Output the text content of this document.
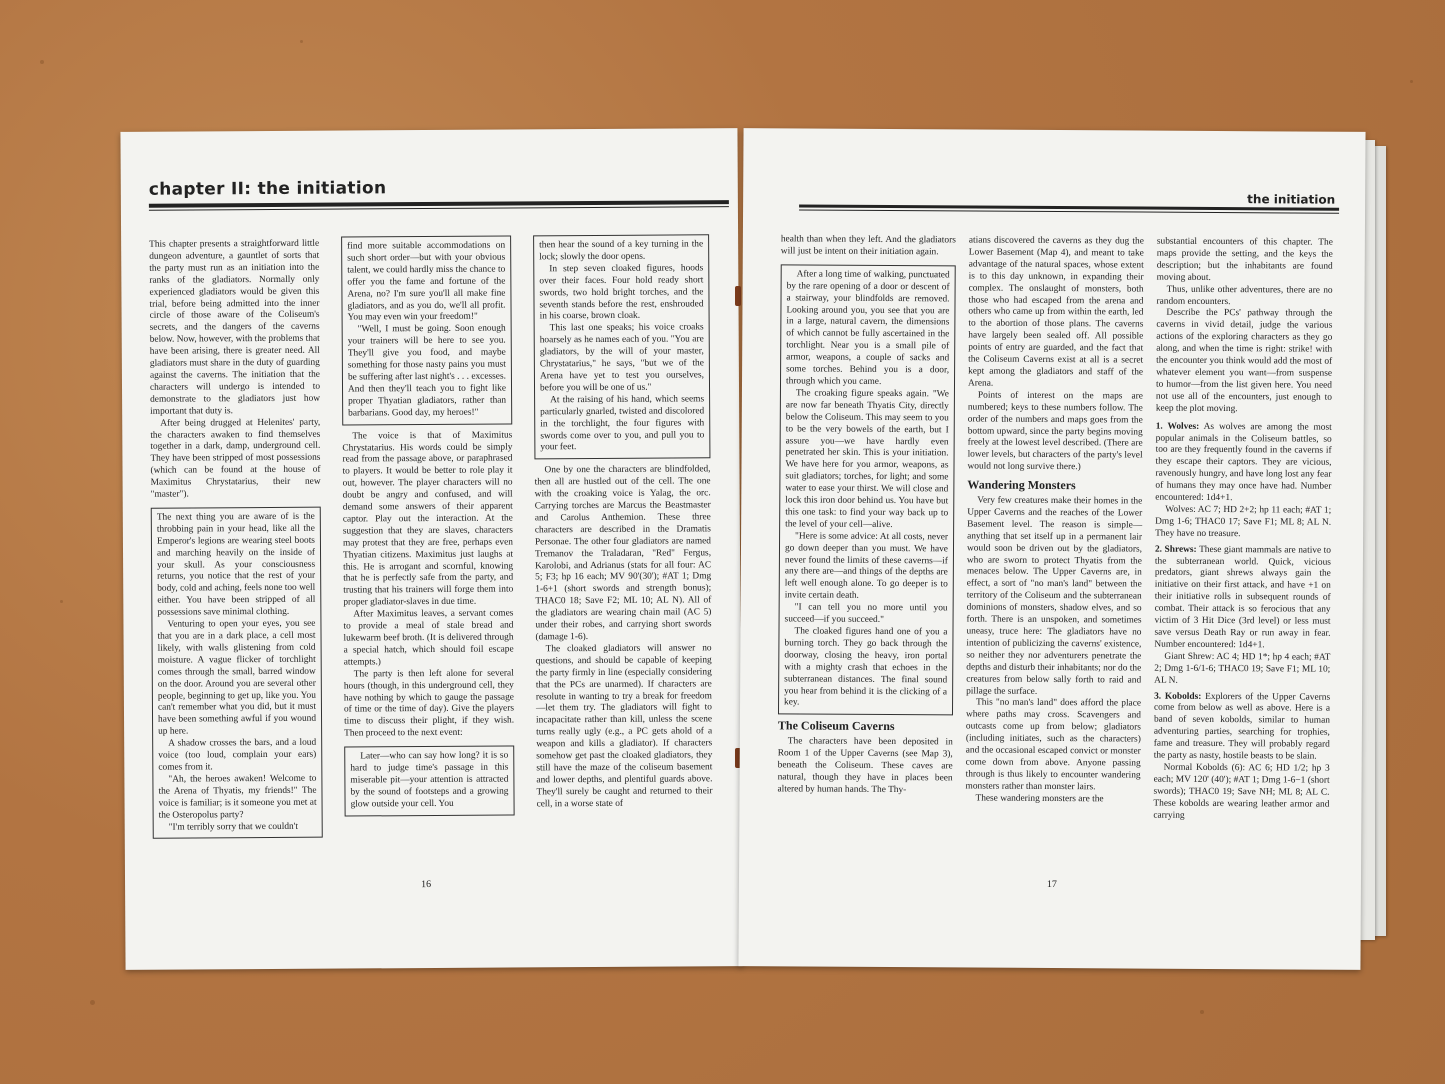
chapter II: the initiation

This chapter presents a straightforward little dungeon adventure, a gauntlet of sorts that the party must run as an initiation into the ranks of the gladiators. Normally only experienced gladiators would be given this trial, before being admitted into the inner circle of those aware of the Coliseum's secrets, and the dangers of the caverns below. Now, however, with the problems that have been arising, there is greater need. All gladiators must share in the duty of guarding against the caverns. The initiation that the characters will undergo is intended to demonstrate to the gladiators just how important that duty is.

After being drugged at Helenites' party, the characters awaken to find themselves together in a dark, damp, underground cell. They have been stripped of most possessions (which can be found at the house of Maximitus Chrystatarius, their new "master").

The next thing you are aware of is the throbbing pain in your head, like all the Emperor's legions are wearing steel boots and marching heavily on the inside of your skull. As your consciousness returns, you notice that the rest of your body, cold and aching, feels none too well either. You have been stripped of all possessions save minimal clothing.

Venturing to open your eyes, you see that you are in a dark place, a cell most likely, with walls glistening from cold moisture. A vague flicker of torchlight comes through the small, barred window on the door. Around you are several other people, beginning to get up, like you. You can't remember what you did, but it must have been something awful if you wound up here.

A shadow crosses the bars, and a loud voice (too loud, complain your ears) comes from it.

"Ah, the heroes awaken! Welcome to the Arena of Thyatis, my friends!" The voice is familiar; is it someone you met at the Osteropolus party?

"I'm terribly sorry that we couldn't

find more suitable accommodations on such short order—but with your obvious talent, we could hardly miss the chance to offer you the fame and fortune of the Arena, no? I'm sure you'll all make fine gladiators, and as you do, we'll all profit. You may even win your freedom!"

"Well, I must be going. Soon enough your trainers will be here to see you. They'll give you food, and maybe something for those nasty pains you must be suffering after last night's . . . excesses. And then they'll teach you to fight like proper Thyatian gladiators, rather than barbarians. Good day, my heroes!"

The voice is that of Maximitus Chrystatarius. His words could be simply read from the passage above, or paraphrased to players. It would be better to role play it out, however. The player characters will no doubt be angry and confused, and will demand some answers of their apparent captor. Play out the interaction. At the suggestion that they are slaves, characters may protest that they are free, perhaps even Thyatian citizens. Maximitus just laughs at this. He is arrogant and scornful, knowing that he is perfectly safe from the party, and trusting that his trainers will forge them into proper gladiator-slaves in due time.

After Maximitus leaves, a servant comes to provide a meal of stale bread and lukewarm beef broth. (It is delivered through a special hatch, which should foil escape attempts.)

The party is then left alone for several hours (though, in this underground cell, they have nothing by which to gauge the passage of time or the time of day). Give the players time to discuss their plight, if they wish. Then proceed to the next event:

Later—who can say how long? it is so hard to judge time's passage in this miserable pit—your attention is attracted by the sound of footsteps and a growing glow outside your cell. You

then hear the sound of a key turning in the lock; slowly the door opens.

In step seven cloaked figures, hoods over their faces. Four hold ready short swords, two hold bright torches, and the seventh stands before the rest, enshrouded in his coarse, brown cloak.

This last one speaks; his voice croaks hoarsely as he names each of you. "You are gladiators, by the will of your master, Chrystatarius," he says, "but we of the Arena have yet to test you ourselves, before you will be one of us."

At the raising of his hand, which seems particularly gnarled, twisted and discolored in the torchlight, the four figures with swords come over to you, and pull you to your feet.

One by one the characters are blindfolded, then all are hustled out of the cell. The one with the croaking voice is Yalag, the orc. Carrying torches are Marcus the Beastmaster and Carolus Anthemion. These three characters are described in the Dramatis Personae. The other four gladiators are named Tremanov the Traladaran, "Red" Fergus, Karolobi, and Adrianus (stats for all four: AC 5; F3; hp 16 each; MV 90'(30'); #AT 1; Dmg 1-6+1 (short swords and strength bonus); THAC0 18; Save F2; ML 10; AL N). All of the gladiators are wearing chain mail (AC 5) under their robes, and carrying short swords (damage 1-6).

The cloaked gladiators will answer no questions, and should be capable of keeping the party firmly in line (especially considering that the PCs are unarmed). If characters are resolute in wanting to try a break for freedom—let them try. The gladiators will fight to incapacitate rather than kill, unless the scene turns really ugly (e.g., a PC gets ahold of a weapon and kills a gladiator). If characters somehow get past the cloaked gladiators, they still have the maze of the coliseum basement and lower depths, and plentiful guards above. They'll surely be caught and returned to their cell, in a worse state of

16
the initiation

health than when they left. And the gladiators will just be intent on their initiation again.

After a long time of walking, punctuated by the rare opening of a door or descent of a stairway, your blindfolds are removed. Looking around you, you see that you are in a large, natural cavern, the dimensions of which cannot be fully ascertained in the torchlight. Near you is a small pile of armor, weapons, a couple of sacks and some torches. Behind you is a door, through which you came.

The croaking figure speaks again. "We are now far beneath Thyatis City, directly below the Coliseum. This may seem to you to be the very bowels of the earth, but I assure you—we have hardly even penetrated her skin. This is your initiation. We have here for you armor, weapons, as suit gladiators; torches, for light; and some water to ease your thirst. We will close and lock this iron door behind us. You have but this one task: to find your way back up to the level of your cell—alive.

"Here is some advice: At all costs, never go down deeper than you must. We have never found the limits of these caverns—if any there are—and things of the depths are left well enough alone. To go deeper is to invite certain death.

"I can tell you no more until you succeed—if you succeed."

The cloaked figures hand one of you a burning torch. They go back through the doorway, closing the heavy, iron portal with a mighty crash that echoes in the subterranean distances. The final sound you hear from behind it is the clicking of a key.

The Coliseum Caverns

The characters have been deposited in Room 1 of the Upper Caverns (see Map 3), beneath the Coliseum. These caves are natural, though they have in places been altered by human hands. The Thy-

atians discovered the caverns as they dug the Lower Basement (Map 4), and meant to take advantage of the natural spaces, whose extent is to this day unknown, in expanding their complex. The onslaught of monsters, both those who had escaped from the arena and others who came up from within the earth, led to the abortion of those plans. The caverns have largely been sealed off. All possible points of entry are guarded, and the fact that the Coliseum Caverns exist at all is a secret kept among the gladiators and staff of the Arena.

Points of interest on the maps are numbered; keys to these numbers follow. The order of the numbers and maps goes from the bottom upward, since the party begins moving freely at the lowest level described. (There are lower levels, but characters of the party's level would not long survive there.)

Wandering Monsters

Very few creatures make their homes in the Upper Caverns and the reaches of the Lower Basement level. The reason is simple—anything that set itself up in a permanent lair would soon be driven out by the gladiators, who are sworn to protect Thyatis from the menaces below. The Upper Caverns are, in effect, a sort of "no man's land" between the territory of the Coliseum and the subterranean dominions of monsters, shadow elves, and so forth. There is an unspoken, and sometimes uneasy, truce here: The gladiators have no intention of publicizing the caverns' existence, so neither they nor adventurers penetrate the depths and disturb their inhabitants; nor do the creatures from below sally forth to raid and pillage the surface.

This "no man's land" does afford the place where paths may cross. Scavengers and outcasts come up from below; gladiators (including initiates, such as the characters) and the occasional escaped convict or monster come down from above. Anyone passing through is thus likely to encounter wandering monsters rather than monster lairs.

These wandering monsters are the

substantial encounters of this chapter. The maps provide the setting, and the keys the description; but the inhabitants are found moving about.

Thus, unlike other adventures, there are no random encounters.

Describe the PCs' pathway through the caverns in vivid detail, judge the various actions of the exploring characters as they go along, and when the time is right: strike! with the encounter you think would add the most of whatever element you want—from suspense to humor—from the list given here. You need not use all of the encounters, just enough to keep the plot moving.

1. Wolves: As wolves are among the most popular animals in the Coliseum battles, so too are they frequently found in the caverns if they escape their captors. They are vicious, ravenously hungry, and have long lost any fear of humans they may once have had. Number encountered: 1d4+1.

Wolves: AC 7; HD 2+2; hp 11 each; #AT 1; Dmg 1-6; THAC0 17; Save F1; ML 8; AL N. They have no treasure.

2. Shrews: These giant mammals are native to the subterranean world. Quick, vicious predators, giant shrews always gain the initiative on their first attack, and have +1 on their initiative rolls in subsequent rounds of combat. Their attack is so ferocious that any victim of 3 Hit Dice (3rd level) or less must save versus Death Ray or run away in fear. Number encountered: 1d4+1.

Giant Shrew: AC 4; HD 1*; hp 4 each; #AT 2; Dmg 1-6/1-6; THAC0 19; Save F1; ML 10; AL N.

3. Kobolds: Explorers of the Upper Caverns come from below as well as above. Here is a band of seven kobolds, similar to human adventuring parties, searching for trophies, fame and treasure. They will probably regard the party as nasty, hostile beasts to be slain.

Normal Kobolds (6): AC 6; HD 1/2; hp 3 each; MV 120' (40'); #AT 1; Dmg 1-6−1 (short swords); THAC0 19; Save NH; ML 8; AL C. These kobolds are wearing leather armor and carrying

17
